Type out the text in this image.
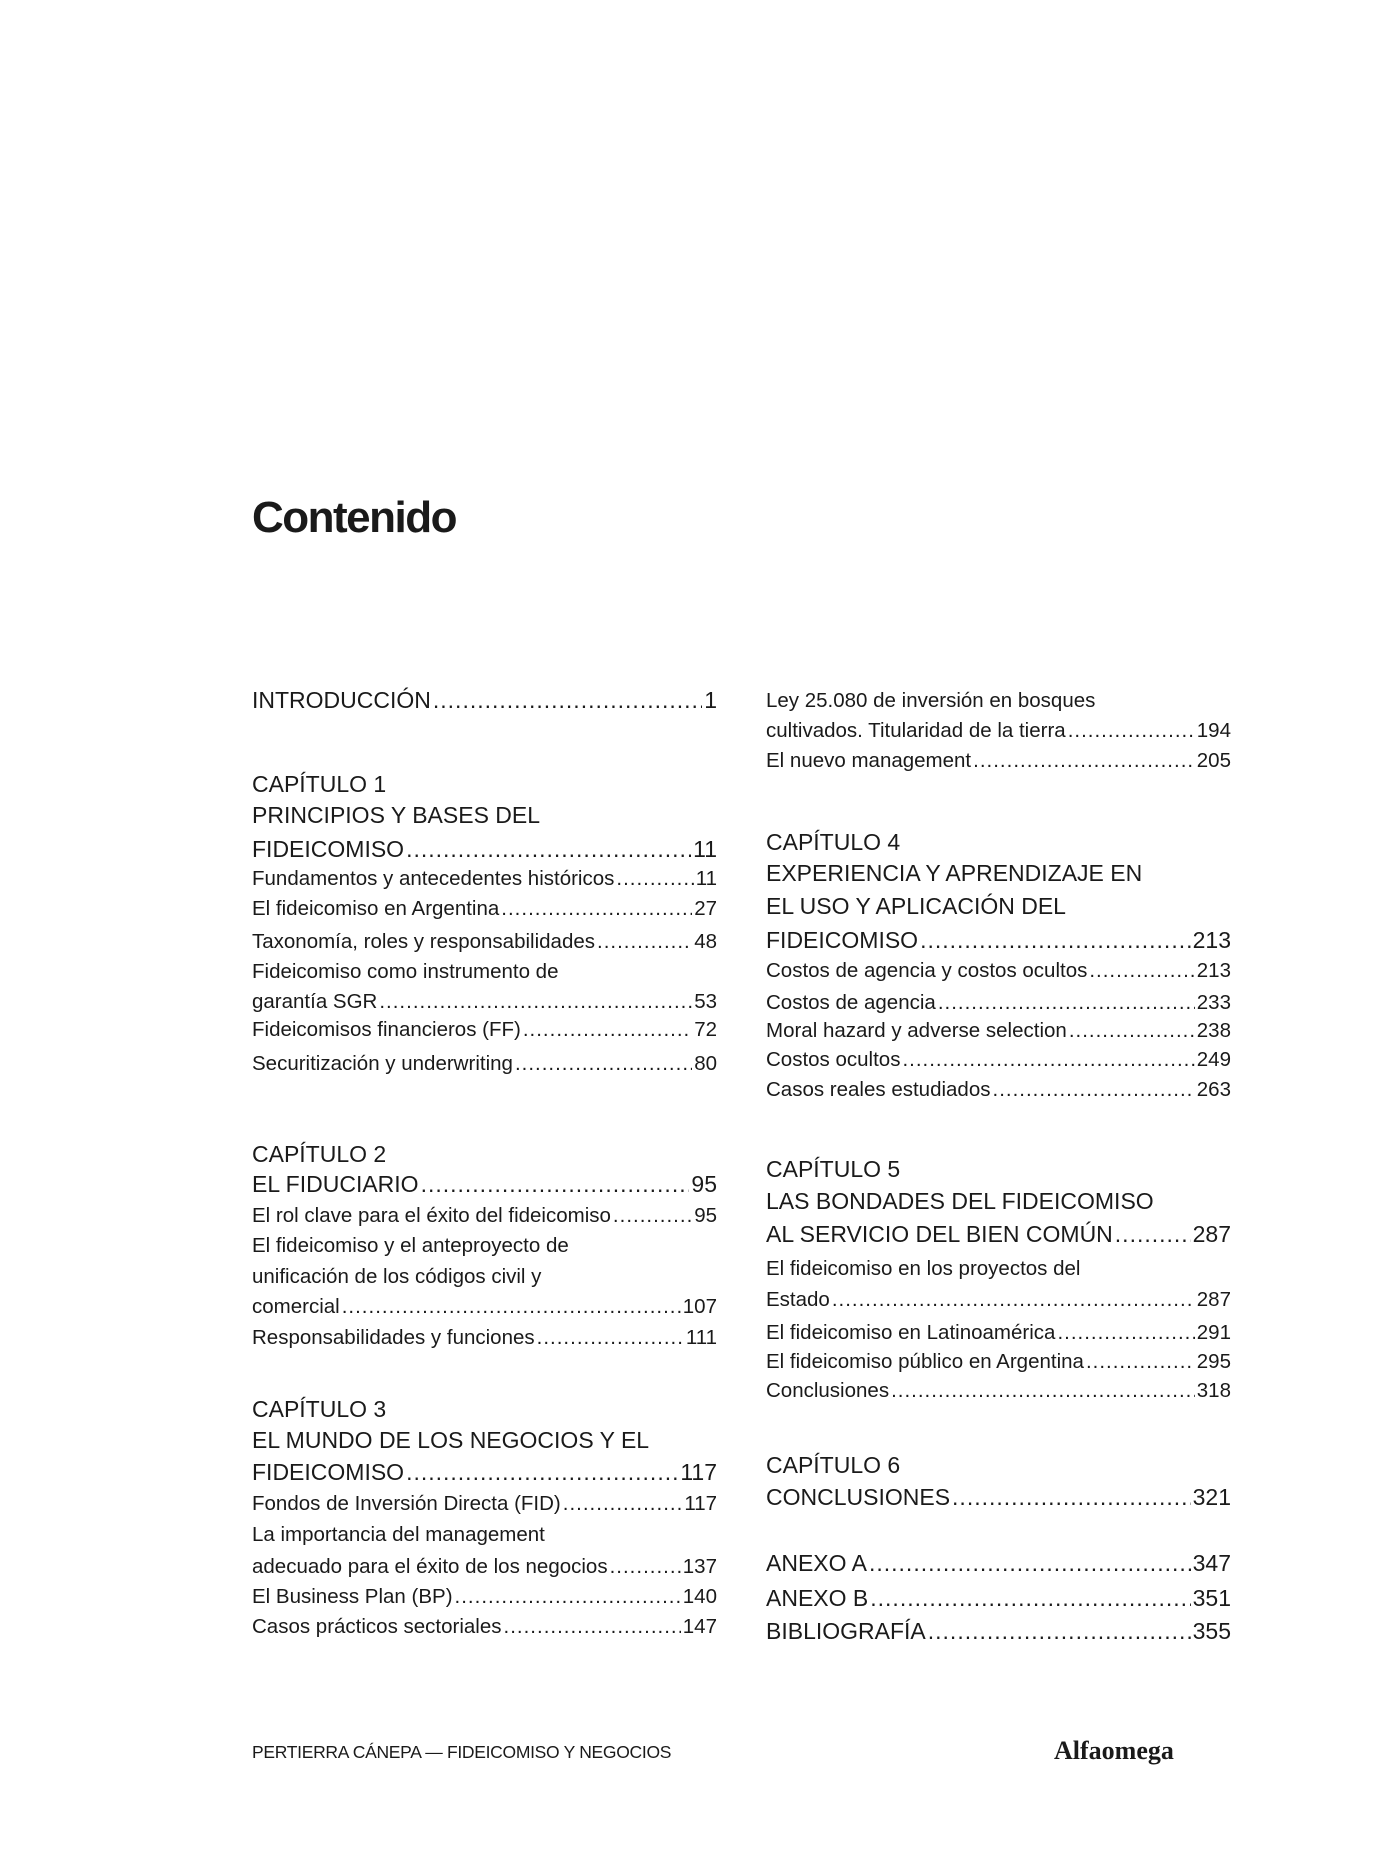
Contenido
INTRODUCCIÓN .....	1
CAPÍTULO 1
PRINCIPIOS Y BASES DEL
FIDEICOMISO .....	11
Fundamentos y antecedentes históricos .....	11
El fideicomiso en Argentina .....	27
Taxonomía, roles y responsabilidades .....	48
Fideicomiso como instrumento de
garantía SGR .....	53
Fideicomisos financieros (FF) .....	72
Securitización y underwriting .....	80
CAPÍTULO 2
EL FIDUCIARIO .....	95
El rol clave para el éxito del fideicomiso .....	95
El fideicomiso y el anteproyecto de
unificación de los códigos civil y
comercial .....	107
Responsabilidades y funciones .....	111
CAPÍTULO 3
EL MUNDO DE LOS NEGOCIOS Y EL
FIDEICOMISO .....	117
Fondos de Inversión Directa (FID) .....	117
La importancia del management
adecuado para el éxito de los negocios .....	137
El Business Plan (BP) .....	140
Casos prácticos sectoriales .....	147
Ley 25.080 de inversión en bosques
cultivados. Titularidad de la tierra .....	194
El nuevo management .....	205
CAPÍTULO 4
EXPERIENCIA Y APRENDIZAJE EN
EL USO Y APLICACIÓN DEL
FIDEICOMISO .....	213
Costos de agencia y costos ocultos .....	213
Costos de agencia .....	233
Moral hazard y adverse selection .....	238
Costos ocultos .....	249
Casos reales estudiados .....	263
CAPÍTULO 5
LAS BONDADES DEL FIDEICOMISO
AL SERVICIO DEL BIEN COMÚN .....	287
El fideicomiso en los proyectos del
Estado .....	287
El fideicomiso en Latinoamérica .....	291
El fideicomiso público en Argentina .....	295
Conclusiones .....	318
CAPÍTULO 6
CONCLUSIONES .....	321
ANEXO A .....	347
ANEXO B .....	351
BIBLIOGRAFÍA .....	355
PERTIERRA CÁNEPA — FIDEICOMISO Y NEGOCIOS	Alfaomega
